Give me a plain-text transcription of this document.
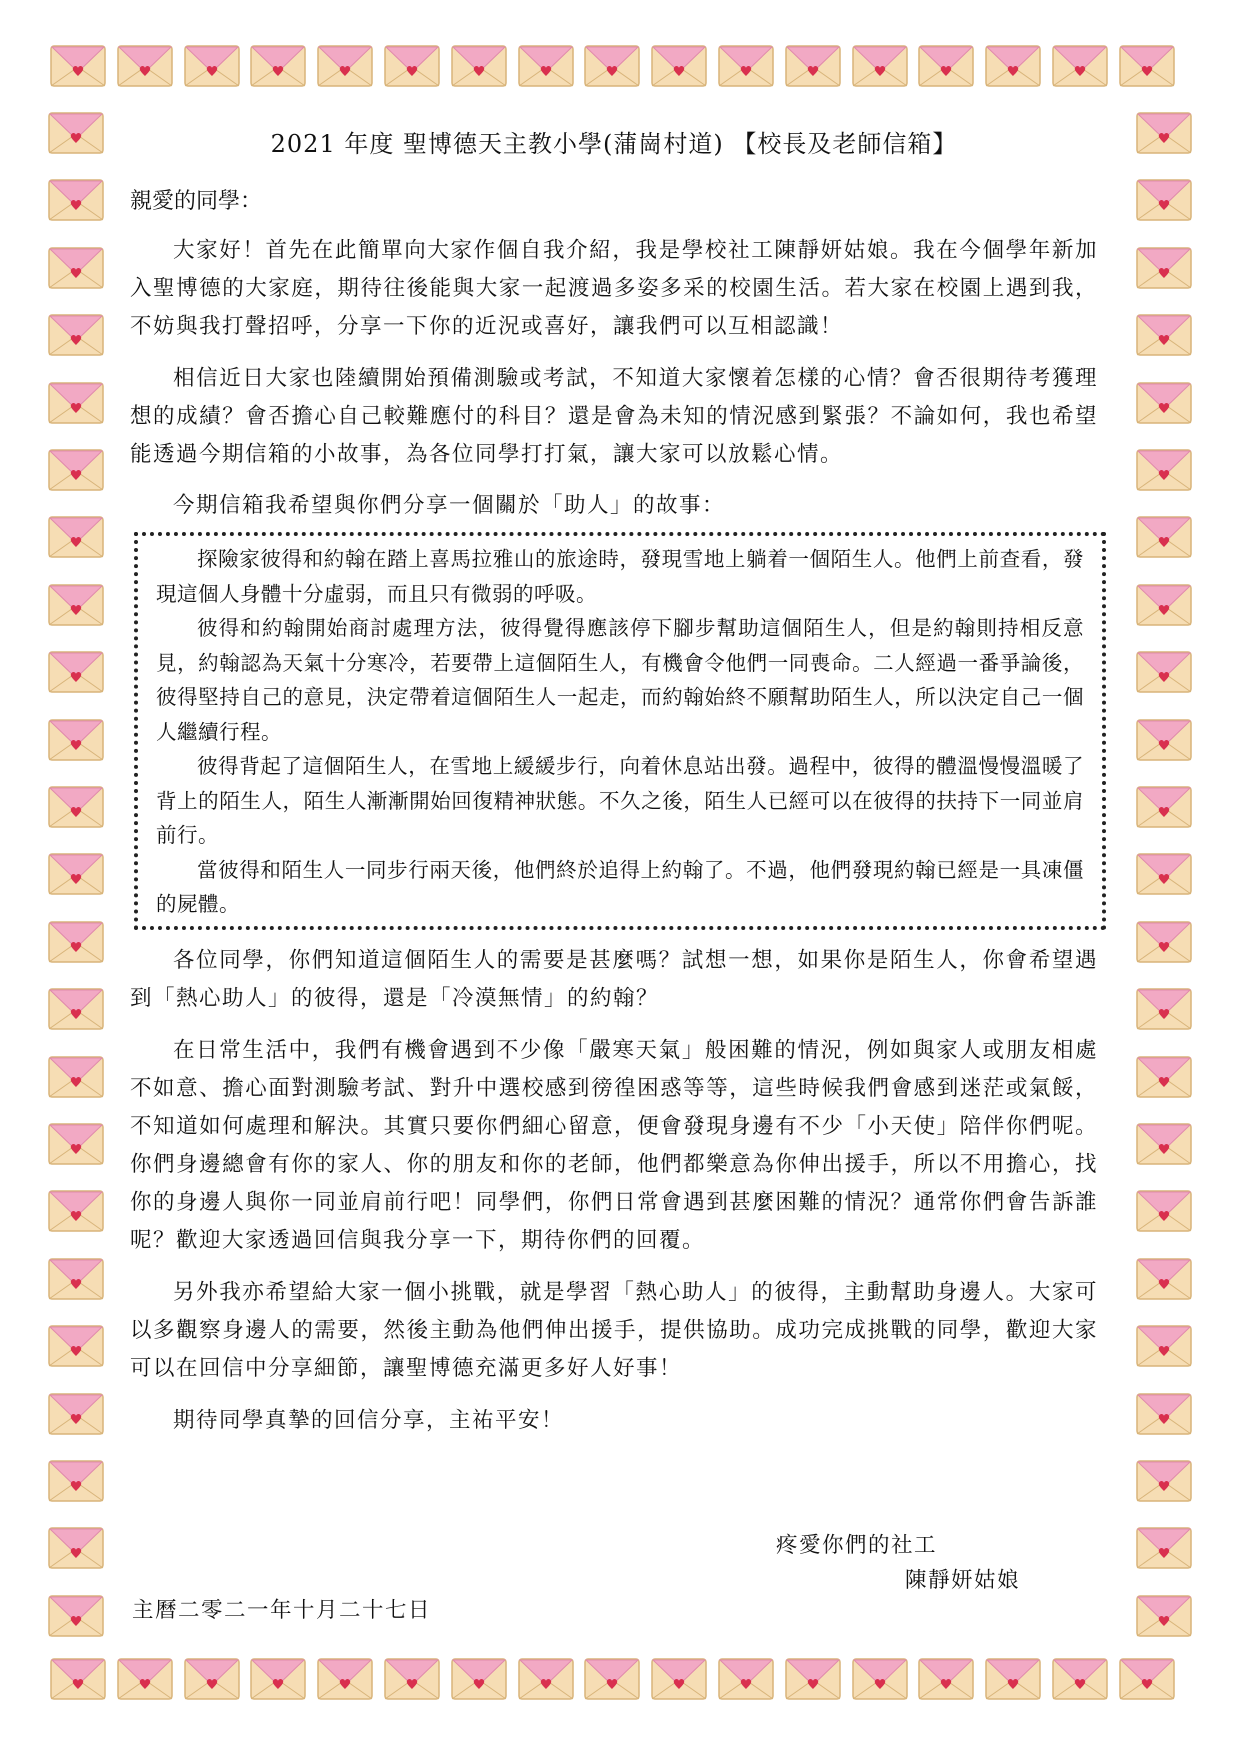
2021 年度 聖博德天主教小學(蒲崗村道) 【校長及老師信箱】
親愛的同學：

大家好！首先在此簡單向大家作個自我介紹，我是學校社工陳靜妍姑娘。我在今個學年新加入聖博德的大家庭，期待往後能與大家一起渡過多姿多采的校園生活。若大家在校園上遇到我，不妨與我打聲招呼，分享一下你的近況或喜好，讓我們可以互相認識！

相信近日大家也陸續開始預備測驗或考試，不知道大家懷着怎樣的心情？會否很期待考獲理想的成績？會否擔心自己較難應付的科目？還是會為未知的情況感到緊張？不論如何，我也希望能透過今期信箱的小故事，為各位同學打打氣，讓大家可以放鬆心情。

今期信箱我希望與你們分享一個關於「助人」的故事：

探險家彼得和約翰在踏上喜馬拉雅山的旅途時，發現雪地上躺着一個陌生人。他們上前查看，發現這個人身體十分虛弱，而且只有微弱的呼吸。

彼得和約翰開始商討處理方法，彼得覺得應該停下腳步幫助這個陌生人，但是約翰則持相反意見，約翰認為天氣十分寒冷，若要帶上這個陌生人，有機會令他們一同喪命。二人經過一番爭論後，彼得堅持自己的意見，決定帶着這個陌生人一起走，而約翰始終不願幫助陌生人，所以決定自己一個人繼續行程。

彼得背起了這個陌生人，在雪地上緩緩步行，向着休息站出發。過程中，彼得的體溫慢慢溫暖了背上的陌生人，陌生人漸漸開始回復精神狀態。不久之後，陌生人已經可以在彼得的扶持下一同並肩前行。

當彼得和陌生人一同步行兩天後，他們終於追得上約翰了。不過，他們發現約翰已經是一具凍僵的屍體。

各位同學，你們知道這個陌生人的需要是甚麼嗎？試想一想，如果你是陌生人，你會希望遇到「熱心助人」的彼得，還是「冷漠無情」的約翰？

在日常生活中，我們有機會遇到不少像「嚴寒天氣」般困難的情況，例如與家人或朋友相處不如意、擔心面對測驗考試、對升中選校感到徬徨困惑等等，這些時候我們會感到迷茫或氣餒，不知道如何處理和解決。其實只要你們細心留意，便會發現身邊有不少「小天使」陪伴你們呢。你們身邊總會有你的家人、你的朋友和你的老師，他們都樂意為你伸出援手，所以不用擔心，找你的身邊人與你一同並肩前行吧！同學們，你們日常會遇到甚麼困難的情況？通常你們會告訴誰呢？歡迎大家透過回信與我分享一下，期待你們的回覆。

另外我亦希望給大家一個小挑戰，就是學習「熱心助人」的彼得，主動幫助身邊人。大家可以多觀察身邊人的需要，然後主動為他們伸出援手，提供協助。成功完成挑戰的同學，歡迎大家可以在回信中分享細節，讓聖博德充滿更多好人好事！

期待同學真摯的回信分享，主祐平安！

疼愛你們的社工
陳靜妍姑娘
主曆二零二一年十月二十七日
